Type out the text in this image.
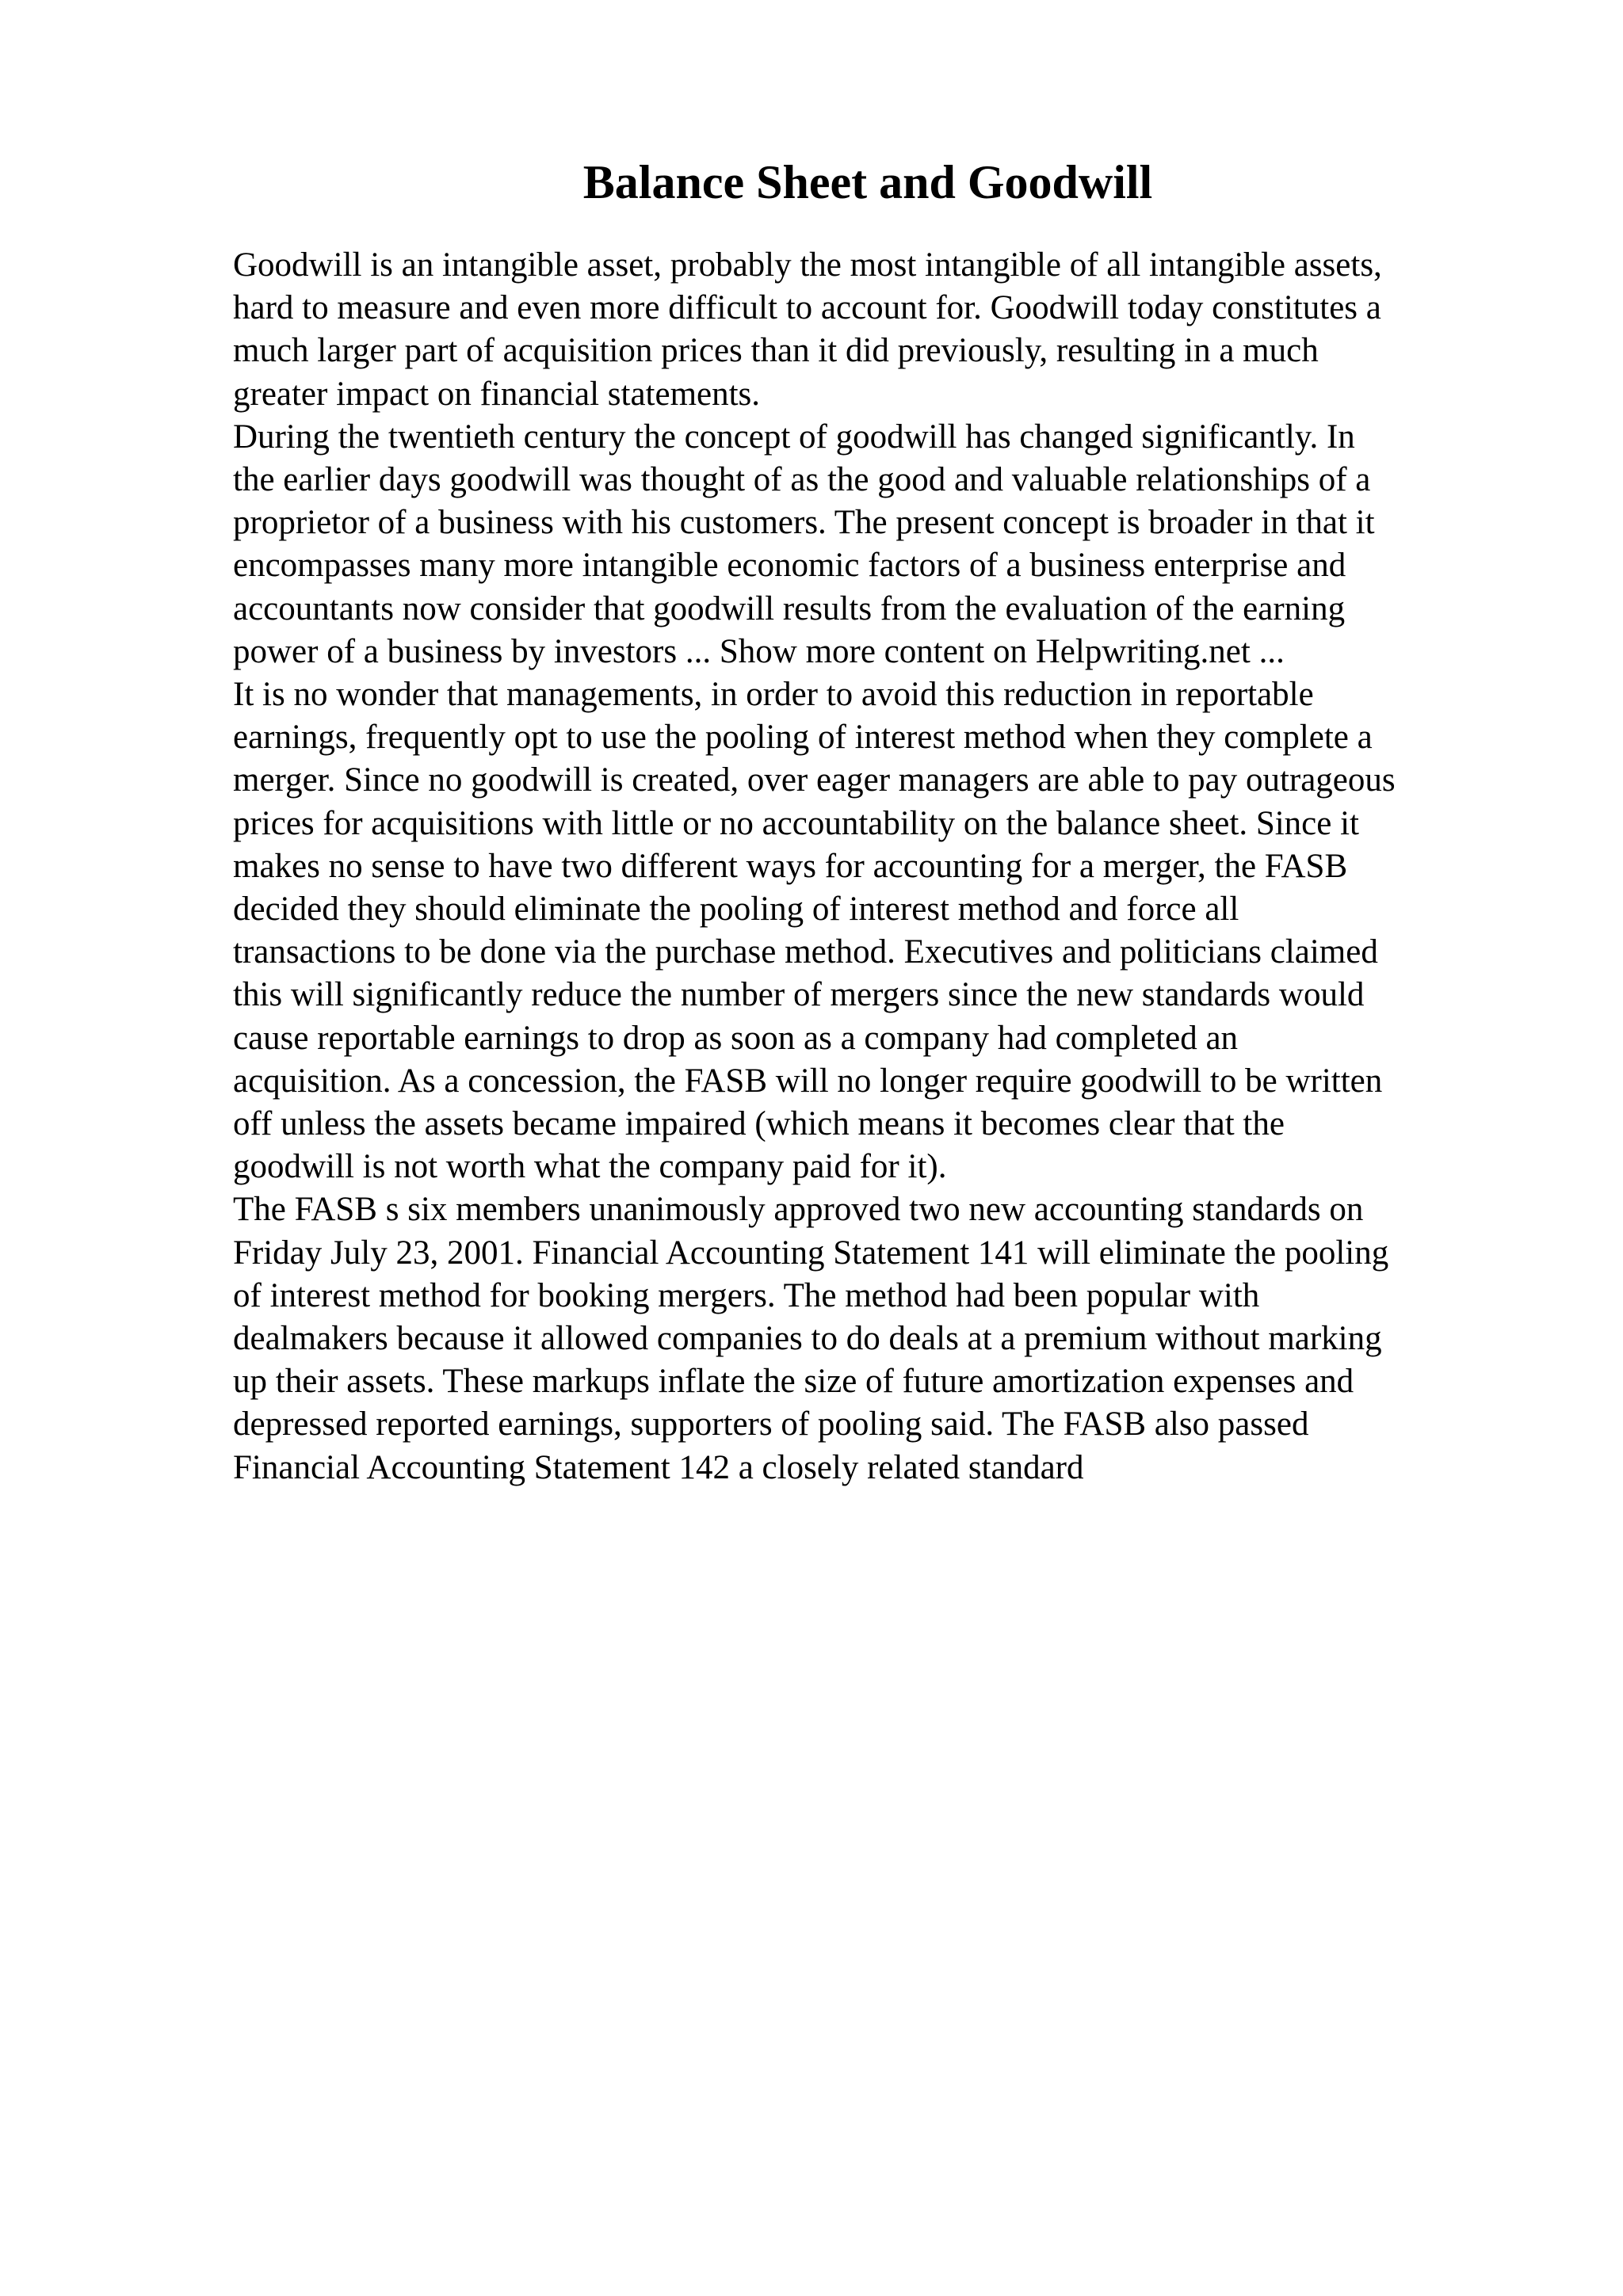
Balance Sheet and Goodwill

Goodwill is an intangible asset, probably the most intangible of all intangible assets,
hard to measure and even more difficult to account for. Goodwill today constitutes a
much larger part of acquisition prices than it did previously, resulting in a much
greater impact on financial statements.

During the twentieth century the concept of goodwill has changed significantly. In
the earlier days goodwill was thought of as the good and valuable relationships of a
proprietor of a business with his customers. The present concept is broader in that it
encompasses many more intangible economic factors of a business enterprise and
accountants now consider that goodwill results from the evaluation of the earning
power of a business by investors ... Show more content on Helpwriting.net ...

It is no wonder that managements, in order to avoid this reduction in reportable
earnings, frequently opt to use the pooling of interest method when they complete a
merger. Since no goodwill is created, over eager managers are able to pay outrageous
prices for acquisitions with little or no accountability on the balance sheet. Since it
makes no sense to have two different ways for accounting for a merger, the FASB
decided they should eliminate the pooling of interest method and force all
transactions to be done via the purchase method. Executives and politicians claimed
this will significantly reduce the number of mergers since the new standards would
cause reportable earnings to drop as soon as a company had completed an
acquisition. As a concession, the FASB will no longer require goodwill to be written
off unless the assets became impaired (which means it becomes clear that the
goodwill is not worth what the company paid for it).

The FASB s six members unanimously approved two new accounting standards on
Friday July 23, 2001. Financial Accounting Statement 141 will eliminate the pooling
of interest method for booking mergers. The method had been popular with
dealmakers because it allowed companies to do deals at a premium without marking
up their assets. These markups inflate the size of future amortization expenses and
depressed reported earnings, supporters of pooling said. The FASB also passed
Financial Accounting Statement 142 a closely related standard
